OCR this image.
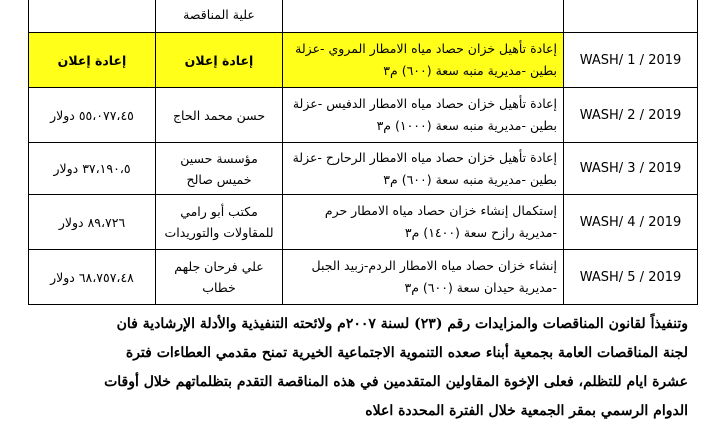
	علية المناقصة		

إعادة إعلان	إعادة إعلان	إعادة تأهيل خزان حصاد مياه الامطار المروي -عزلة بطين -مديرية منبه سعة (٦٠٠) م٣	WASH/ 1 / 2019
٥٥،٠٧٧،٤٥ دولار	حسن محمد الحاج	إعادة تأهيل خزان حصاد مياه الامطار الدفيس -عزلة بطين -مديرية منبه سعة (١٠٠٠) م٣	WASH/ 2 / 2019
٣٧،١٩٠،٥ دولار	مؤسسة حسين خميس صالح	إعادة تأهيل خزان حصاد مياه الامطار الرحارح -عزلة بطين -مديرية منبه سعة (٦٠٠) م٣	WASH/ 3 / 2019
٨٩،٧٢٦ دولار	مكتب أبو رامي للمقاولات والتوريدات	إستكمال إنشاء خزان حصاد مياه الامطار حرم -مديرية رازح سعة (١٤٠٠) م٣	WASH/ 4 / 2019
٦٨،٧٥٧،٤٨ دولار	علي فرحان جلهم خطاب	إنشاء خزان حصاد مياه الامطار الردم-زبيد الجبل -مديرية حيدان سعة (٦٠٠) م٣	WASH/ 5 / 2019

وتنفيذاً لقانون المناقصات والمزايدات رقم (٢٣) لسنة ٢٠٠٧م ولائحته التنفيذية والأدلة الإرشادية فان

لجنة المناقصات العامة بجمعية أبناء صعده التنموية الاجتماعية الخيرية تمنح مقدمي العطاءات فترة

عشرة ايام للتظلم، فعلى الإخوة المقاولين المتقدمين في هذه المناقصة التقدم بتظلماتهم خلال أوقات

الدوام الرسمي بمقر الجمعية خلال الفترة المحددة اعلاه
